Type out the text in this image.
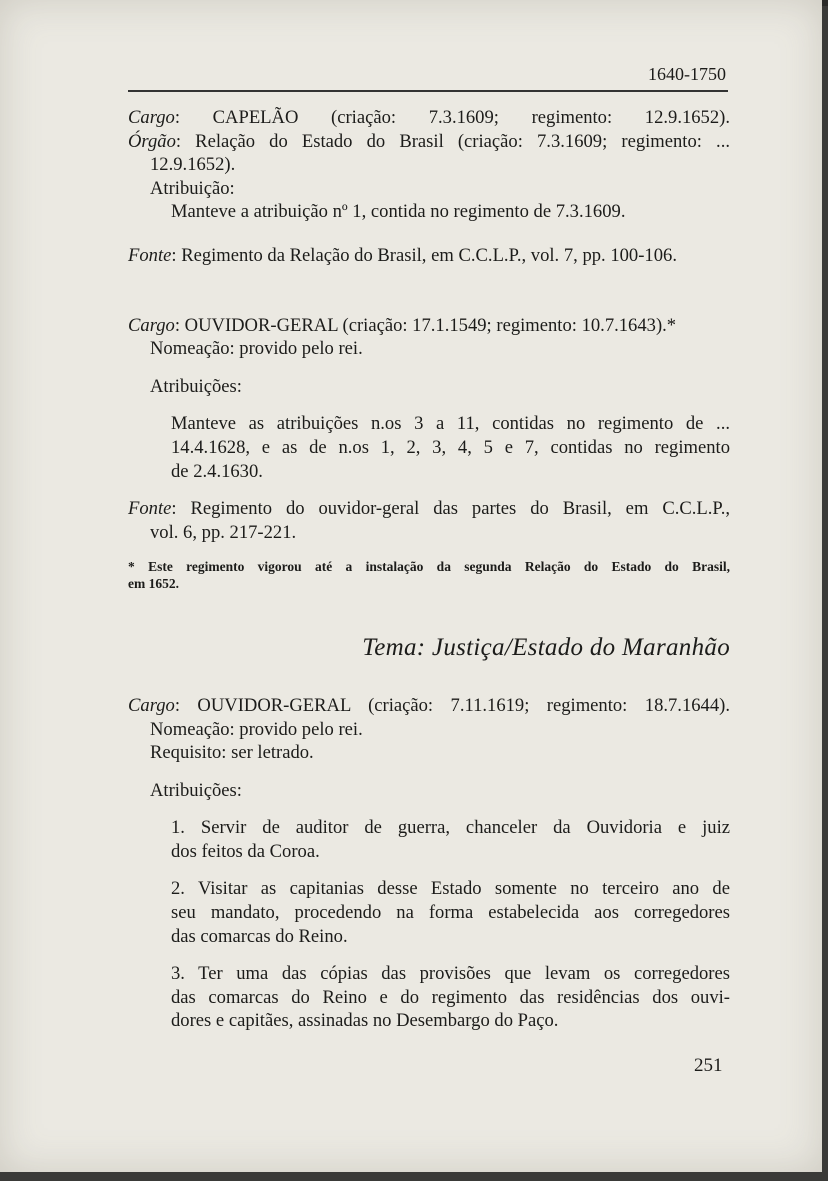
1640-1750
Cargo: CAPELÃO (criação: 7.3.1609; regimento: 12.9.1652).
Órgão: Relação do Estado do Brasil (criação: 7.3.1609; regimento: ...
12.9.1652).
Atribuição:
Manteve a atribuição nº 1, contida no regimento de 7.3.1609.
Fonte: Regimento da Relação do Brasil, em C.C.L.P., vol. 7, pp. 100-106.
Cargo: OUVIDOR-GERAL (criação: 17.1.1549; regimento: 10.7.1643).*
Nomeação: provido pelo rei.
Atribuições:
Manteve as atribuições n.os 3 a 11, contidas no regimento de ...
14.4.1628, e as de n.os 1, 2, 3, 4, 5 e 7, contidas no regimento
de 2.4.1630.
Fonte: Regimento do ouvidor-geral das partes do Brasil, em C.C.L.P.,
vol. 6, pp. 217-221.
* Este regimento vigorou até a instalação da segunda Relação do Estado do Brasil,
em 1652.
Tema: Justiça/Estado do Maranhão
Cargo: OUVIDOR-GERAL (criação: 7.11.1619; regimento: 18.7.1644).
Nomeação: provido pelo rei.
Requisito: ser letrado.
Atribuições:
1. Servir de auditor de guerra, chanceler da Ouvidoria e juiz
dos feitos da Coroa.
2. Visitar as capitanias desse Estado somente no terceiro ano de
seu mandato, procedendo na forma estabelecida aos corregedores
das comarcas do Reino.
3. Ter uma das cópias das provisões que levam os corregedores
das comarcas do Reino e do regimento das residências dos ouvi-
dores e capitães, assinadas no Desembargo do Paço.
251
